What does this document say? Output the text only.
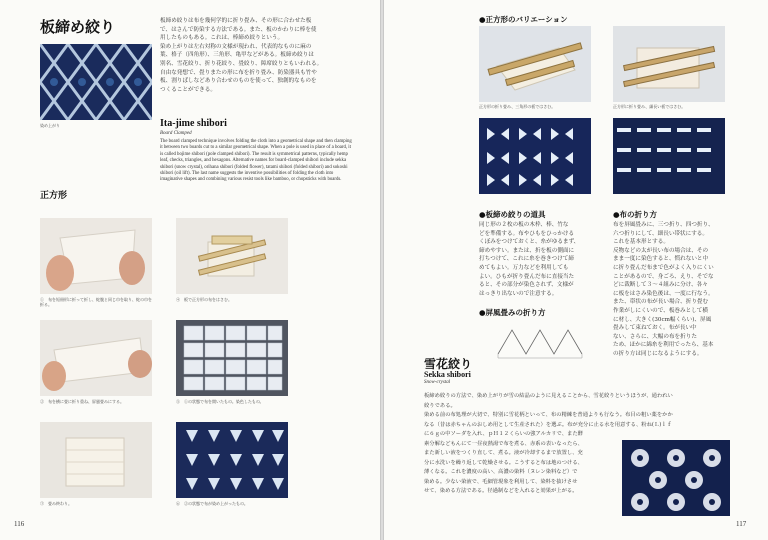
板締め絞り
染め上がり
板締め絞りは布を幾何学的に折り畳み、その形に合わせた板
で、はさんで防染する方法である。また、板のかわりに棒を使
用したものもある。これは、棒締め絞りという。
染め上がりは左右対称の文様が現われ、代表的なものに麻の
葉、格子（四角形）、三角形、亀甲などがある。板締め絞りは
別名、雪花絞り、折り花絞り、畳絞り、障席絞りともいわれる。
自由な発想で、畳りまたの形に布を折り畳み、防染器具も竹や
板、割りばしなどあり合わせのものを使って、独創的なものを
つくることができる。
Ita-jime shibori
Board Clamped
The board clamped technique involves folding the cloth into a geometrical shape and then clamping it between two boards cut to a similar geometrical shape. When a pole is used in place of a board, it is called bojime shibori (pole clamped shibori). The result is symmetrical patterns, typically hemp leaf, checks, triangles, and hexagons. Alternative names for board-clamped shibori include sekka shibori (snow crystal), orihana shibori (folded flower), tatami shibori (folded shibori) and sokoshi shibori (oil lift). The last name suggests the inventive possibilities of folding the cloth into imaginative shapes and combining various resist tools like bamboo, or chopsticks with boards.
正方形
①　布を短冊形に折って折し、蛇腹と同じ巾を取り、蛇の巾を折る。
④　板で正方形の布をはさむ。
②　布を横に畳に折り重ね、屏風畳みにする。	⑤　①の状態で布を開いたもの。染色したもの。
③　畳み終わり。	⑥　②の状態で布が染め上がったもの。
116
●正方形のバリエーション
正方形の折り畳み、三角形の板ではさむ。	正方形に折り畳み、細長い板ではさむ。
●板締め絞りの道具
同じ形の２枚の板の木枠、棒、竹な
どを準備する。布やひもをひっかける
くぼみをつけておくと、糸がゆるまず、
締めやすい。または、折を板の側面に
打ちつけて、これに糸を巻きつけて締
めてもよい。万力などを利用しても
よい。ひもが折り畳んだ布に直接当た
ると、その部分が染色されず、文様が
はっきり出ないので注意する。
●布の折り方
布を屏風畳みに、三つ折り、四つ折り、
六つ折りにして、細長い帯状にする。
これを基本形とする。
反物などの太が長い布の場合は、その
まま一度に染色すると、慣れないと中
に折り畳んだ布まで色がよく入りにくい
ことがあるので、身ごろ、えり、そでな
どに裁断して３～４組みに分け、各々
に板をはさみ染色後は、一度に行なう。
また、帯状の布が長い場合、折り畳む
作業がしにくいので、板巻みとして横
に材し、大きく(30cm幅くらい)、屏風
畳みして束ねておく。布が長い中
ない、さらに、大幅の布を折りた
ため、ほかに綿糸を利用でったら、基本
の折り方は同じになるようにする。
●屏風畳みの折り方
雪花絞り
Sekka shibori
Snow-crystal
板締め絞りの方法で、染め上がりが雪の結晶のように見えることから、雪花絞りというほうが、通われい
絞りである。
染める前の布処理が大切で、特別に雪花柄といって、布の精練を普通よりも行なう。布目の粗い薬をかか
なる（昔は赤ちゃんのおしめ用として生産された）を選ぶ。布が充分に止る水を用意する、粉ね(Ｌ)ｌｆ
に６ｇの中ソーダを入れ、ｐＨ１２くらいの強アルカリで、また酵
素分解などもんにて一昼夜熱湯で布を煮る、赤系の表いなったら、
また新しい液をつくり直して、煮る。液が冷却するまで放置し、充
分に水洗いを繰り返して乾燥させる。こうすると布は地のつける、
薄くなる。これを濃度の高い、高濃の染料（ヌレン染料など）で
染める。少ない染液で、毛細管現象を利用して、染料を抜けさせ
せて、染める方法である。径過制などを入れると効果が上がる。
117
